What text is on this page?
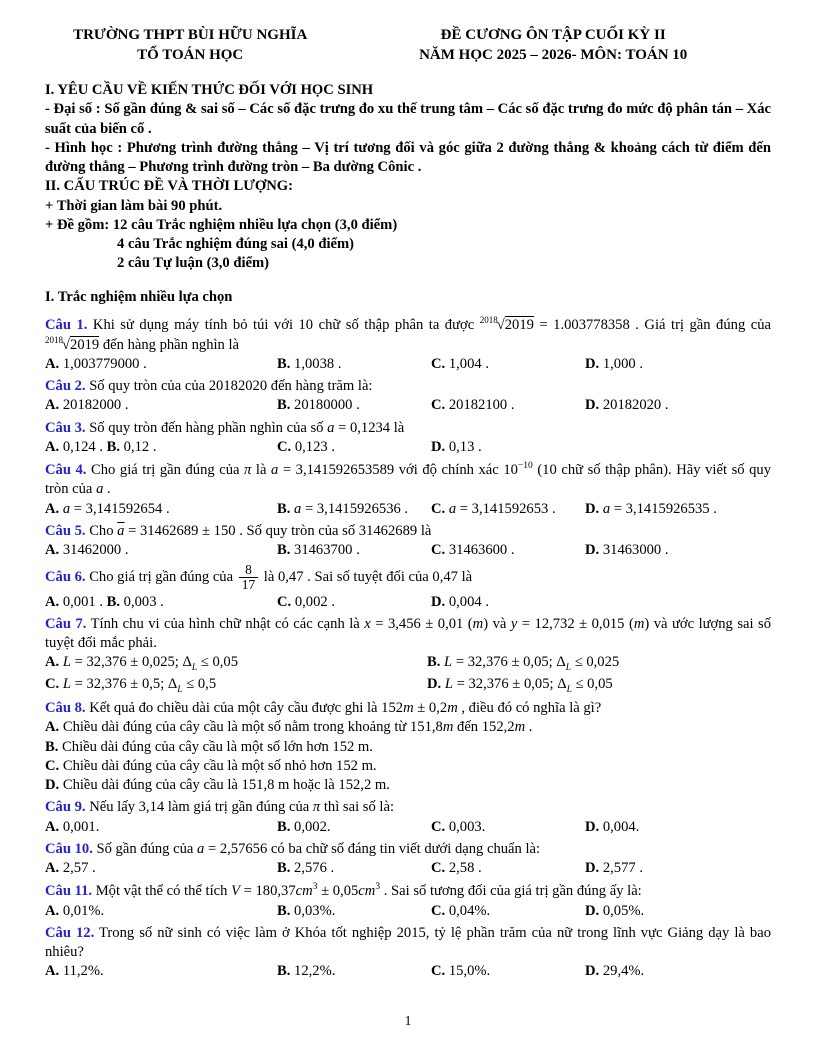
TRƯỜNG THPT BÙI HỮU NGHĨA
TỔ TOÁN HỌC
ĐỀ CƯƠNG ÔN TẬP CUỐI KỲ II
NĂM HỌC 2025 – 2026- MÔN: TOÁN 10
I. YÊU CẦU VỀ KIẾN THỨC ĐỐI VỚI HỌC SINH
- Đại số : Số gần đúng & sai số – Các số đặc trưng đo xu thế trung tâm – Các số đặc trưng đo mức độ phân tán – Xác suất của biến cố .
- Hình học : Phương trình đường thẳng – Vị trí tương đối và góc giữa 2 đường thẳng & khoảng cách từ điểm đến đường thẳng – Phương trình đường tròn – Ba dường Cônic .
II. CẤU TRÚC ĐỀ VÀ THỜI LƯỢNG:
+ Thời gian làm bài 90 phút.
+ Đề gồm: 12 câu Trắc nghiệm nhiều lựa chọn (3,0 điểm)
4 câu Trắc nghiệm đúng sai (4,0 điểm)
2 câu Tự luận (3,0 điểm)
I. Trắc nghiệm nhiều lựa chọn
Câu 1. Khi sử dụng máy tính bỏ túi với 10 chữ số thập phân ta được $^{2018}$√2019 = 1.003778358 . Giá trị gần đúng của $^{2018}$√2019 đến hàng phần nghìn là
A. 1,003779000 .	B. 1,0038 .	C. 1,004 .	D. 1,000 .
Câu 2. Số quy tròn của của 20182020 đến hàng trăm là:
A. 20182000 .	B. 20180000 .	C. 20182100 .	D. 20182020 .
Câu 3. Số quy tròn đến hàng phần nghìn của số a = 0,1234 là
A. 0,124 . B. 0,12 .	C. 0,123 .	D. 0,13 .
Câu 4. Cho giá trị gần đúng của π là a = 3,141592653589 với độ chính xác $10^{-10}$ (10 chữ số thập phân). Hãy viết số quy tròn của a .
A. a = 3,141592654 .	B. a = 3,1415926536 .	C. a = 3,141592653 .	D. a = 3,1415926535 .
Câu 5. Cho $\overline{a} = 31462689 \pm 150$ . Số quy tròn của số 31462689 là
A. 31462000 .	B. 31463700 .	C. 31463600 .	D. 31463000 .
Câu 6. Cho giá trị gần đúng của $\frac{8}{17}$ là 0,47 . Sai số tuyệt đối của 0,47 là
A. 0,001 . B. 0,003 .	C. 0,002 .	D. 0,004 .
Câu 7. Tính chu vi của hình chữ nhật có các cạnh là x = 3,456 ± 0,01 (m) và y = 12,732 ± 0,015 (m) và ước lượng sai số tuyệt đối mắc phải.
A. L = 32,376 ± 0,025; $\Delta_L \le 0,05$	B. L = 32,376 ± 0,05; $\Delta_L \le 0,025$
C. L = 32,376 ± 0,5; $\Delta_L \le 0,5$	D. L = 32,376 ± 0,05; $\Delta_L \le 0,05$
Câu 8. Kết quả đo chiều dài của một cây cầu được ghi là 152m ± 0,2m , điều đó có nghĩa là gì?
A. Chiều dài đúng của cây cầu là một số nằm trong khoảng từ 151,8m đến 152,2m .
B. Chiều dài đúng của cây cầu là một số lớn hơn 152 m.
C. Chiều dài đúng của cây cầu là một số nhỏ hơn 152 m.
D. Chiều dài đúng của cây cầu là 151,8 m hoặc là 152,2 m.
Câu 9. Nếu lấy 3,14 làm giá trị gần đúng của π thì sai số là:
A. 0,001.	B. 0,002.	C. 0,003.	D. 0,004.
Câu 10. Số gần đúng của a = 2,57656 có ba chữ số đáng tin viết dưới dạng chuẩn là:
A. 2,57 .	B. 2,576 .	C. 2,58 .	D. 2,577 .
Câu 11. Một vật thể có thể tích $V = 180,37cm^3 \pm 0,05cm^3$ . Sai số tương đối của giá trị gần đúng ấy là:
A. 0,01%.	B. 0,03%.	C. 0,04%.	D. 0,05%.
Câu 12. Trong số nữ sinh có việc làm ở Khóa tốt nghiệp 2015, tỷ lệ phần trăm của nữ trong lĩnh vực Giảng dạy là bao nhiêu?
A. 11,2%.	B. 12,2%.	C. 15,0%.	D. 29,4%.
1
